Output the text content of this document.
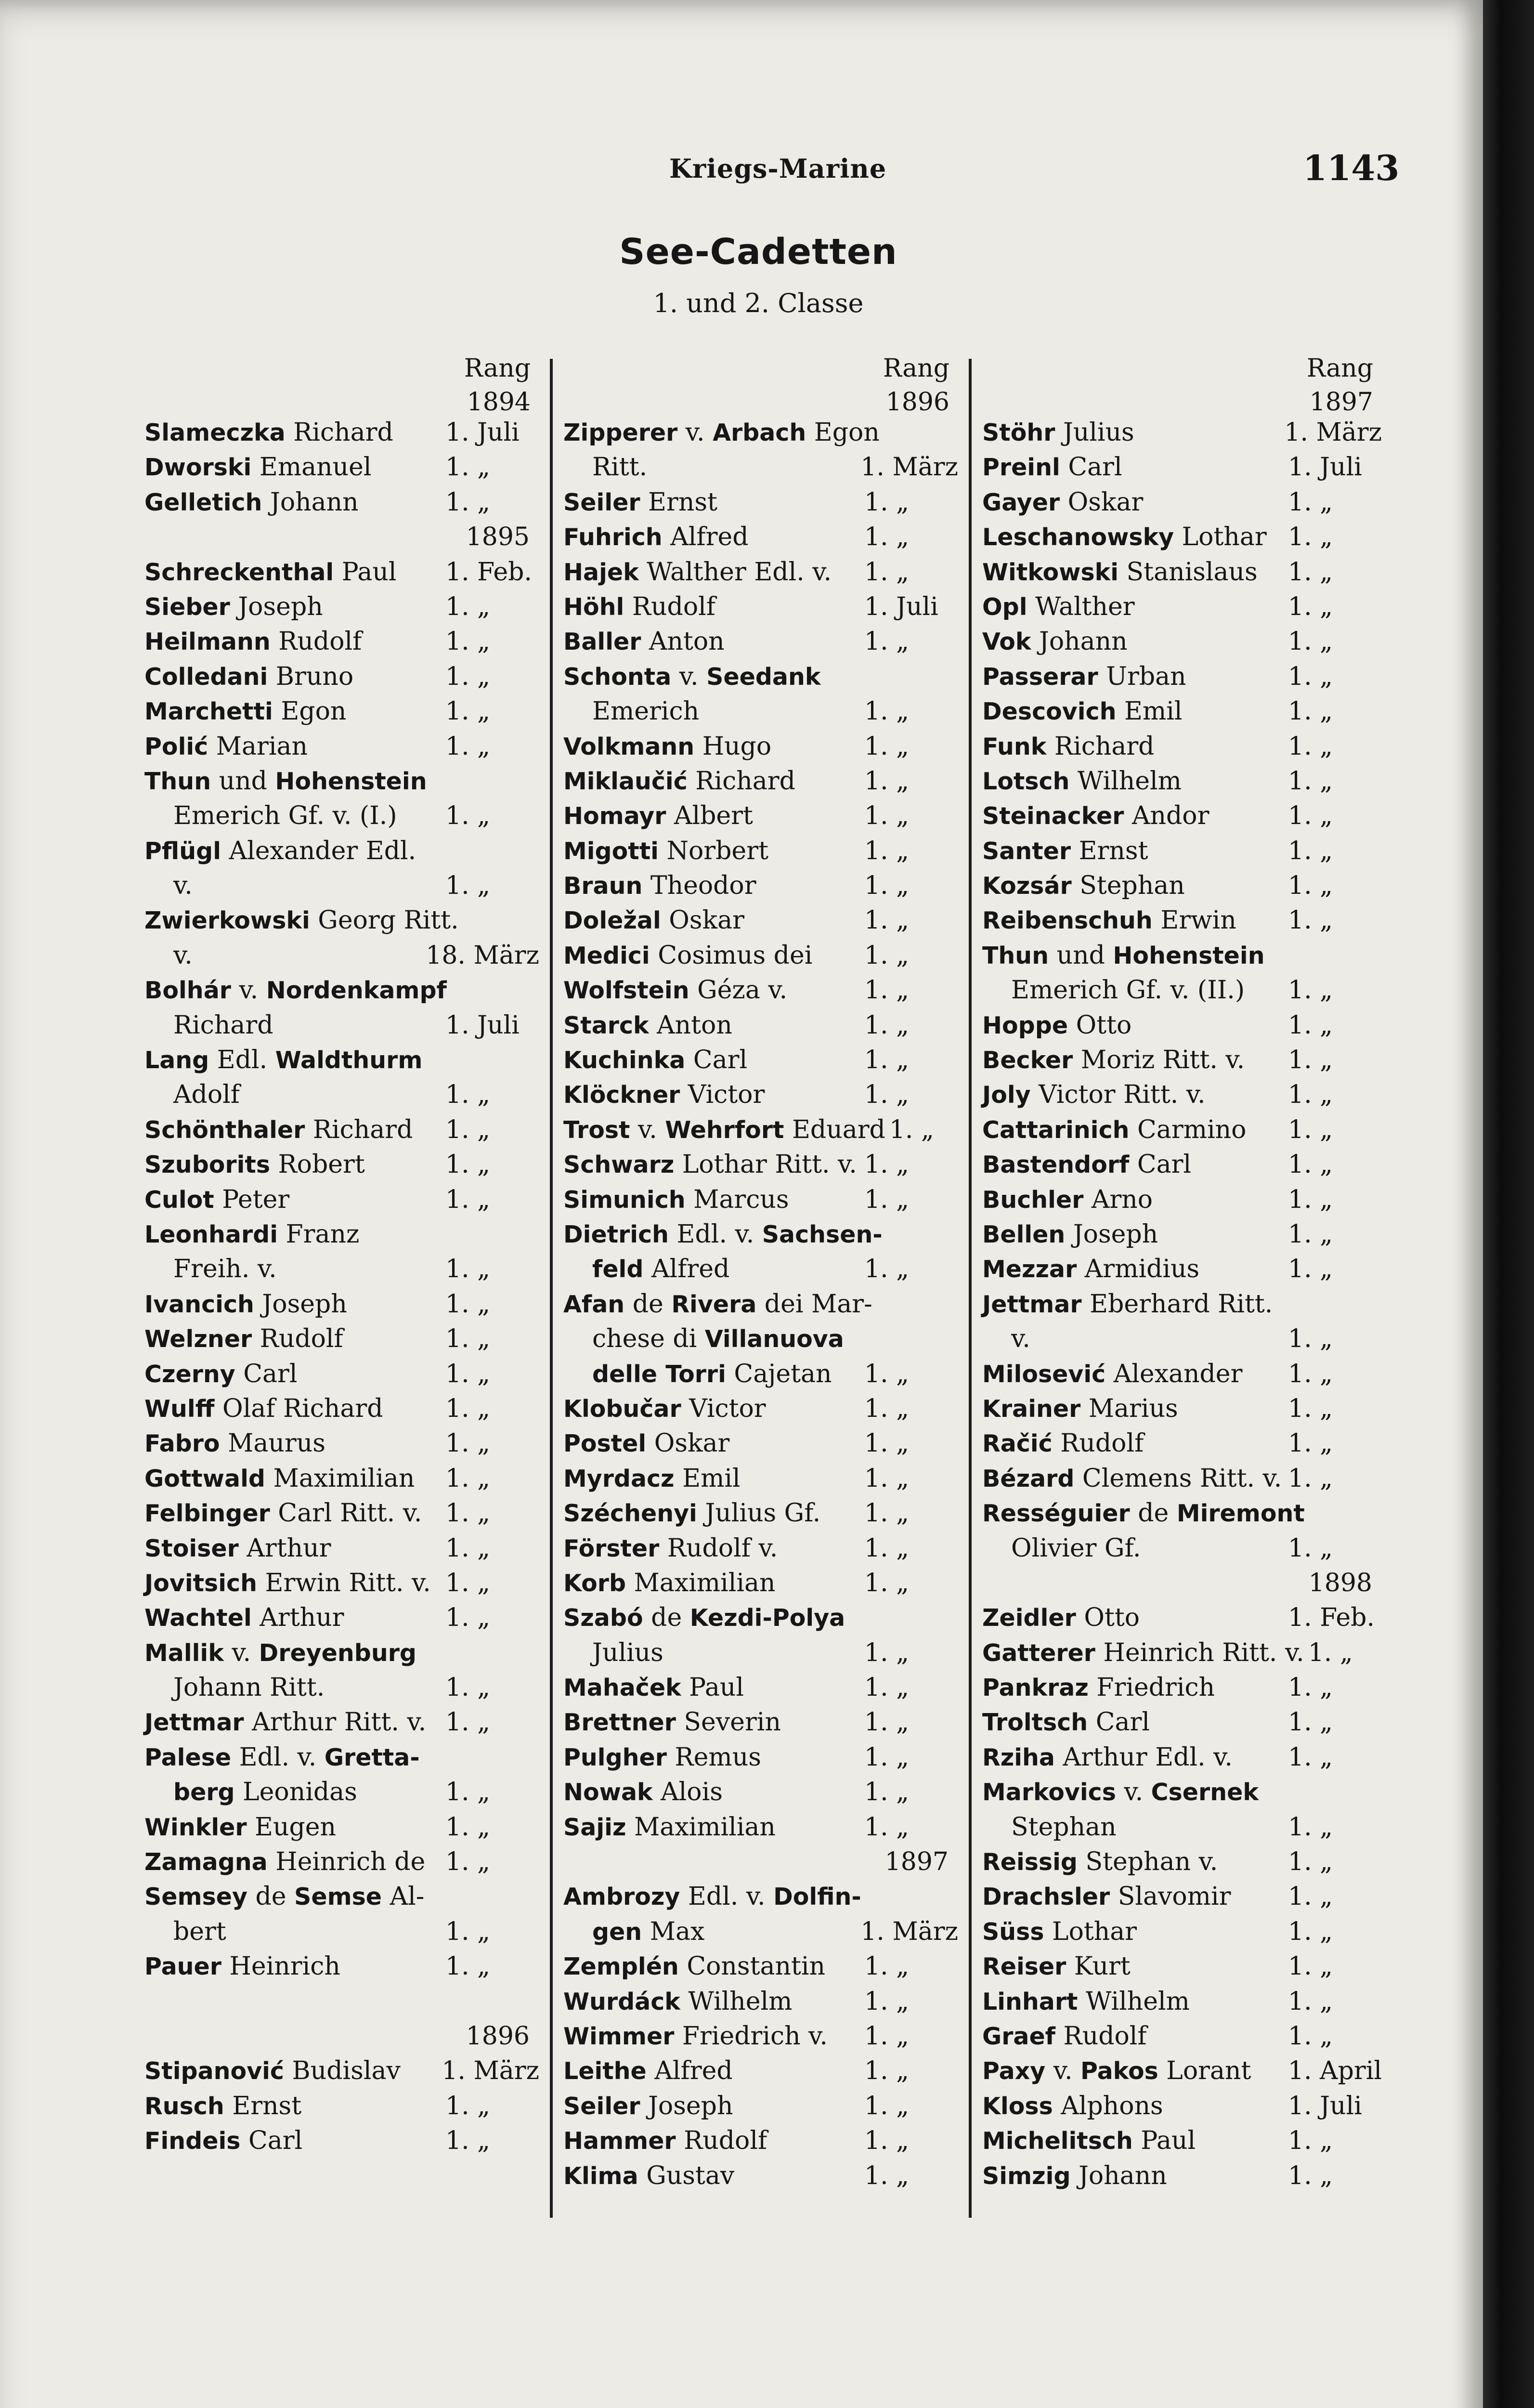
Kriegs-Marine	1143
See-Cadetten
1. und 2. Classe
Rang
1894
Slameczka Richard	1. Juli
Dworski Emanuel	1. „
Gelletich Johann	1. „
1895
Schreckenthal Paul	1. Feb.
Sieber Joseph	1. „
Heilmann Rudolf	1. „
Colledani Bruno	1. „
Marchetti Egon	1. „
Polić Marian	1. „
Thun und Hohenstein
Emerich Gf. v. (I.)	1. „
Pflügl Alexander Edl.
v.	1. „
Zwierkowski Georg Ritt.
v.	18. März
Bolhár v. Nordenkampf
Richard	1. Juli
Lang Edl. Waldthurm
Adolf	1. „
Schönthaler Richard	1. „
Szuborits Robert	1. „
Culot Peter	1. „
Leonhardi Franz
Freih. v.	1. „
Ivancich Joseph	1. „
Welzner Rudolf	1. „
Czerny Carl	1. „
Wulff Olaf Richard	1. „
Fabro Maurus	1. „
Gottwald Maximilian	1. „
Felbinger Carl Ritt. v. 1. „
Stoiser Arthur	1. „
Jovitsich Erwin Ritt. v. 1. „
Wachtel Arthur	1. „
Mallik v. Dreyenburg
Johann Ritt.	1. „
Jettmar Arthur Ritt. v. 1. „
Palese Edl. v. Gretta-
berg Leonidas	1. „
Winkler Eugen	1. „
Zamagna Heinrich de 1. „
Semsey de Semse Al-
bert	1. „
Pauer Heinrich	1. „
1896
Stipanović Budislav	1. März
Rusch Ernst	1. „
Findeis Carl	1. „
Rang
1896
Zipperer v. Arbach Egon
Ritt.	1. März
Seiler Ernst	1. „
Fuhrich Alfred	1. „
Hajek Walther Edl. v.	1. „
Höhl Rudolf	1. Juli
Baller Anton	1. „
Schonta v. Seedank
Emerich	1. „
Volkmann Hugo	1. „
Miklaučić Richard	1. „
Homayr Albert	1. „
Migotti Norbert	1. „
Braun Theodor	1. „
Doležal Oskar	1. „
Medici Cosimus dei	1. „
Wolfstein Géza v.	1. „
Starck Anton	1. „
Kuchinka Carl	1. „
Klöckner Victor	1. „
Trost v. Wehrfort Eduard 1. „
Schwarz Lothar Ritt. v. 1. „
Simunich Marcus	1. „
Dietrich Edl. v. Sachsen-
feld Alfred	1. „
Afan de Rivera dei Mar-
chese di Villanuova
delle Torri Cajetan	1. „
Klobučar Victor	1. „
Postel Oskar	1. „
Myrdacz Emil	1. „
Széchenyi Julius Gf.	1. „
Förster Rudolf v.	1. „
Korb Maximilian	1. „
Szabó de Kezdi-Polya
Julius	1. „
Mahaček Paul	1. „
Brettner Severin	1. „
Pulgher Remus	1. „
Nowak Alois	1. „
Sajiz Maximilian	1. „
1897
Ambrozy Edl. v. Dolfin-
gen Max	1. März
Zemplén Constantin	1. „
Wurdáck Wilhelm	1. „
Wimmer Friedrich v.	1. „
Leithe Alfred	1. „
Seiler Joseph	1. „
Hammer Rudolf	1. „
Klima Gustav	1. „
Rang
1897
Stöhr Julius	1. März
Preinl Carl	1. Juli
Gayer Oskar	1. „
Leschanowsky Lothar 1. „
Witkowski Stanislaus	1. „
Opl Walther	1. „
Vok Johann	1. „
Passerar Urban	1. „
Descovich Emil	1. „
Funk Richard	1. „
Lotsch Wilhelm	1. „
Steinacker Andor	1. „
Santer Ernst	1. „
Kozsár Stephan	1. „
Reibenschuh Erwin	1. „
Thun und Hohenstein
Emerich Gf. v. (II.)	1. „
Hoppe Otto	1. „
Becker Moriz Ritt. v.	1. „
Joly Victor Ritt. v.	1. „
Cattarinich Carmino	1. „
Bastendorf Carl	1. „
Buchler Arno	1. „
Bellen Joseph	1. „
Mezzar Armidius	1. „
Jettmar Eberhard Ritt.
v.	1. „
Milosević Alexander	1. „
Krainer Marius	1. „
Račić Rudolf	1. „
Bézard Clemens Ritt. v. 1. „
Rességuier de Miremont
Olivier Gf.	1. „
1898
Zeidler Otto	1. Feb.
Gatterer Heinrich Ritt. v. 1. „
Pankraz Friedrich	1. „
Troltsch Carl	1. „
Rziha Arthur Edl. v.	1. „
Markovics v. Csernek
Stephan	1. „
Reissig Stephan v.	1. „
Drachsler Slavomir	1. „
Süss Lothar	1. „
Reiser Kurt	1. „
Linhart Wilhelm	1. „
Graef Rudolf	1. „
Paxy v. Pakos Lorant	1. April
Kloss Alphons	1. Juli
Michelitsch Paul	1. „
Simzig Johann	1. „
